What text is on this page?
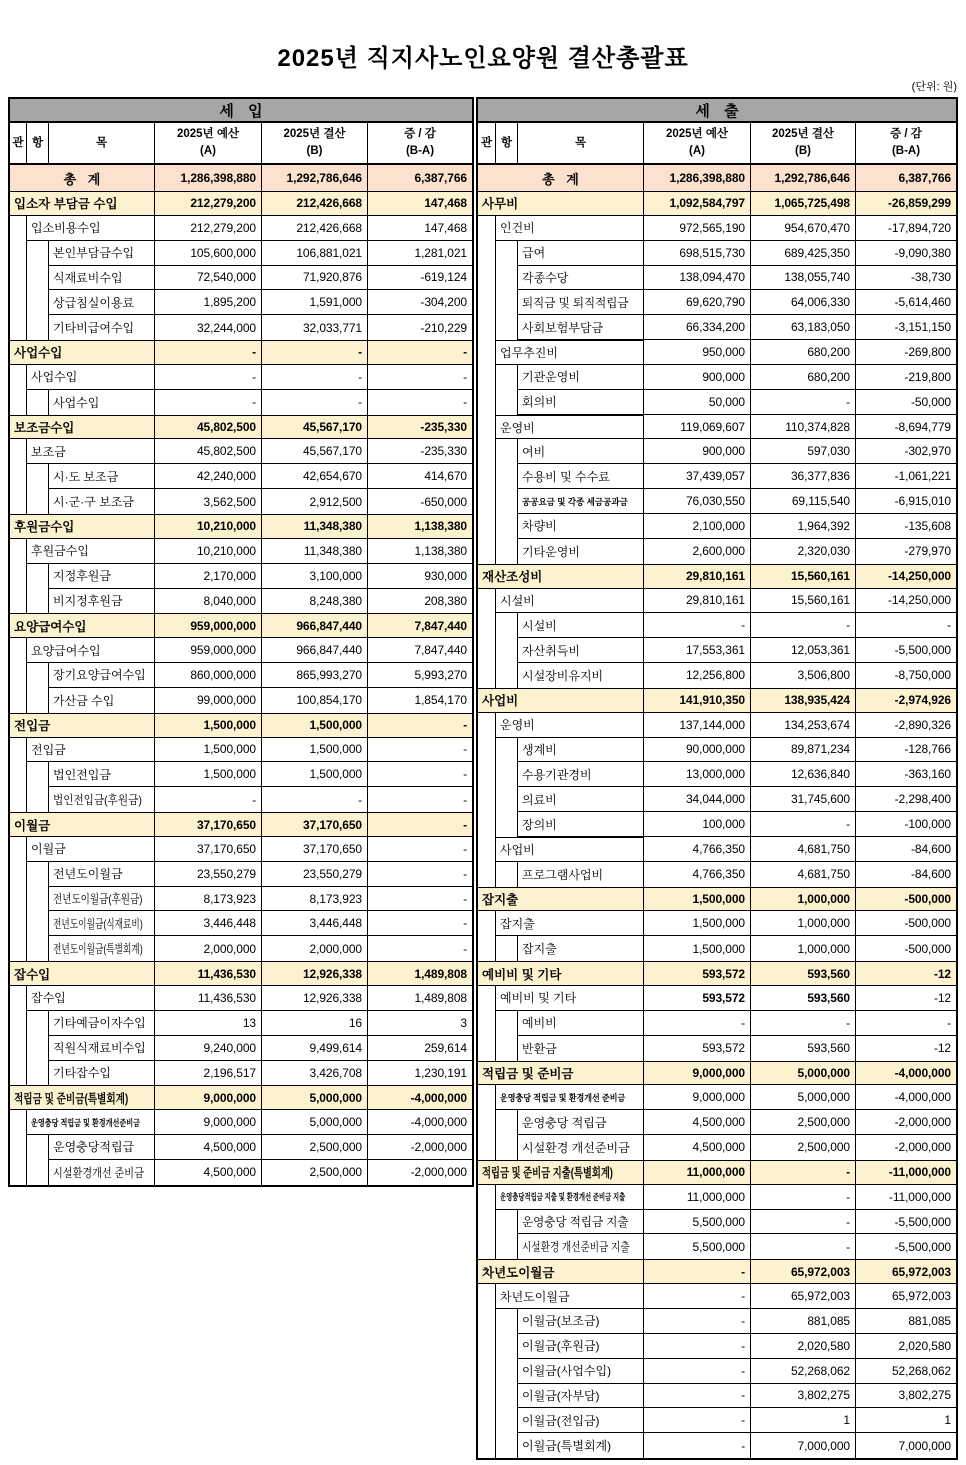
2025년 직지사노인요양원 결산총괄표
(단위: 원)
세 입
관 항	목
2025년 예산
(A)
2025년 결산
(B)
증 / 감
(B-A)
총 계	1,286,398,880	1,292,786,646	6,387,766
입소자 부담금 수입	212,279,200	212,426,668	147,468
입소비용수입	212,279,200	212,426,668	147,468
본인부담금수입	105,600,000	106,881,021	1,281,021
식재료비수입	72,540,000	71,920,876	-619,124
상급침실이용료	1,895,200	1,591,000	-304,200
기타비급여수입	32,244,000	32,033,771	-210,229
사업수입	-	-	-
사업수입	-	-	-
사업수입	-	-	-
보조금수입	45,802,500	45,567,170	-235,330
보조금	45,802,500	45,567,170	-235,330
시·도 보조금	42,240,000	42,654,670	414,670
시·군·구 보조금	3,562,500	2,912,500	-650,000
후원금수입	10,210,000	11,348,380	1,138,380
후원금수입	10,210,000	11,348,380	1,138,380
지정후원금	2,170,000	3,100,000	930,000
비지정후원금	8,040,000	8,248,380	208,380
요양급여수입	959,000,000	966,847,440	7,847,440
요양급여수입	959,000,000	966,847,440	7,847,440
장기요양급여수입	860,000,000	865,993,270	5,993,270
가산금 수입	99,000,000	100,854,170	1,854,170
전입금	1,500,000	1,500,000	-
전입금	1,500,000	1,500,000	-
법인전입금	1,500,000	1,500,000	-
법인전입금(후원금)	-	-	-
이월금	37,170,650	37,170,650	-
이월금	37,170,650	37,170,650	-
전년도이월금	23,550,279	23,550,279	-
전년도이월금(후원금)	8,173,923	8,173,923	-
전년도이월금(식재료비)	3,446,448	3,446,448	-
전년도이월금(특별회계)	2,000,000	2,000,000	-
잡수입	11,436,530	12,926,338	1,489,808
잡수입	11,436,530	12,926,338	1,489,808
기타예금이자수입	13	16	3
직원식재료비수입	9,240,000	9,499,614	259,614
기타잡수입	2,196,517	3,426,708	1,230,191
적립금 및 준비금(특별회계)	9,000,000	5,000,000	-4,000,000
운영충당 적립금 및 환경개선준비금	9,000,000	5,000,000	-4,000,000
운영충당적립급	4,500,000	2,500,000	-2,000,000
시설환경개선 준비금	4,500,000	2,500,000	-2,000,000
세 출
관 항	목
2025년 예산
(A)
2025년 결산
(B)
증 / 감
(B-A)
총 계	1,286,398,880	1,292,786,646	6,387,766
사무비	1,092,584,797	1,065,725,498	-26,859,299
인건비	972,565,190	954,670,470	-17,894,720
급여	698,515,730	689,425,350	-9,090,380
각종수당	138,094,470	138,055,740	-38,730
퇴직금 및 퇴직적립금	69,620,790	64,006,330	-5,614,460
사회보험부담금	66,334,200	63,183,050	-3,151,150
업무추진비	950,000	680,200	-269,800
기관운영비	900,000	680,200	-219,800
회의비	50,000	-	-50,000
운영비	119,069,607	110,374,828	-8,694,779
여비	900,000	597,030	-302,970
수용비 및 수수료	37,439,057	36,377,836	-1,061,221
공공요금 및 각종 세금공과금	76,030,550	69,115,540	-6,915,010
차량비	2,100,000	1,964,392	-135,608
기타운영비	2,600,000	2,320,030	-279,970
재산조성비	29,810,161	15,560,161	-14,250,000
시설비	29,810,161	15,560,161	-14,250,000
시설비	-	-	-
자산취득비	17,553,361	12,053,361	-5,500,000
시설장비유지비	12,256,800	3,506,800	-8,750,000
사업비	141,910,350	138,935,424	-2,974,926
운영비	137,144,000	134,253,674	-2,890,326
생계비	90,000,000	89,871,234	-128,766
수용기관경비	13,000,000	12,636,840	-363,160
의료비	34,044,000	31,745,600	-2,298,400
장의비	100,000	-	-100,000
사업비	4,766,350	4,681,750	-84,600
프로그램사업비	4,766,350	4,681,750	-84,600
잡지출	1,500,000	1,000,000	-500,000
잡지출	1,500,000	1,000,000	-500,000
잡지출	1,500,000	1,000,000	-500,000
예비비 및 기타	593,572	593,560	-12
예비비 및 기타	593,572	593,560	-12
예비비	-	-	-
반환금	593,572	593,560	-12
적립금 및 준비금	9,000,000	5,000,000	-4,000,000
운영충당 적립금 및 환경개선 준비금	9,000,000	5,000,000	-4,000,000
운영충당 적립금	4,500,000	2,500,000	-2,000,000
시설환경 개선준비금	4,500,000	2,500,000	-2,000,000
적립금 및 준비금 지출(특별회계)	11,000,000	-	-11,000,000
운영충당적립금 지출 및 환경개선 준비금 지출	11,000,000	-	-11,000,000
운영충당 적립금 지출	5,500,000	-	-5,500,000
시설환경 개선준비금 지출	5,500,000	-	-5,500,000
차년도이월금	-	65,972,003	65,972,003
차년도이월금	-	65,972,003	65,972,003
이월금(보조금)	-	881,085	881,085
이월금(후원금)	-	2,020,580	2,020,580
이월금(사업수입)	-	52,268,062	52,268,062
이월금(자부담)	-	3,802,275	3,802,275
이월금(전입금)	-	1	1
이월금(특별회계)	-	7,000,000	7,000,000
